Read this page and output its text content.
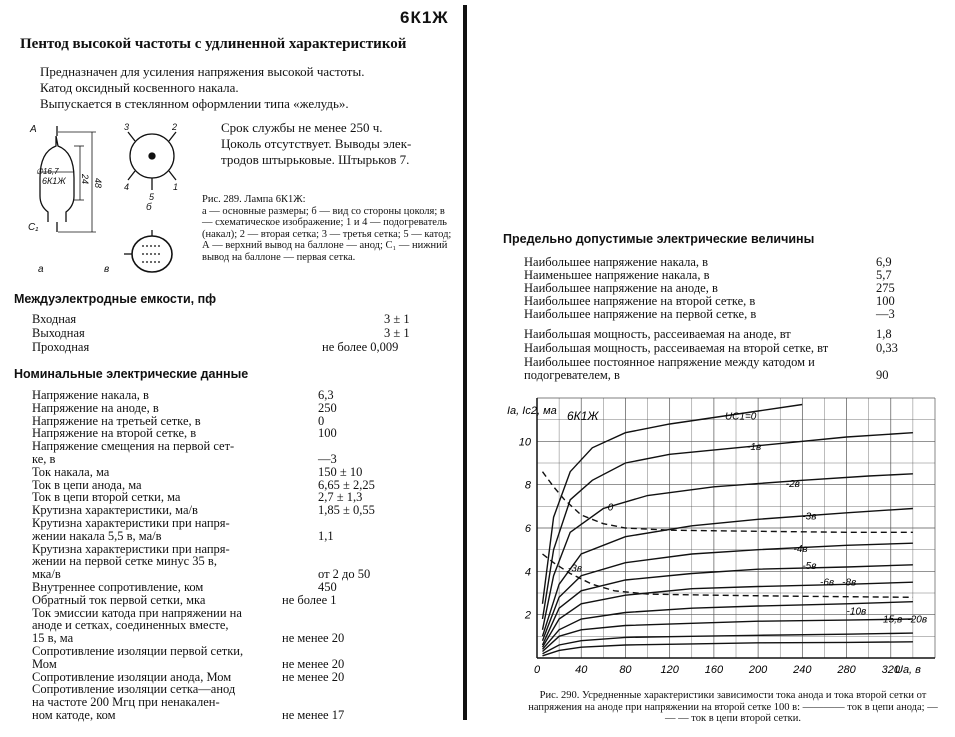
6К1Ж
Пентод высокой частоты с удлиненной характеристикой
Предназначен для усиления напряжения высокой частоты.
Катод оксидный косвенного накала.
Выпускается в стеклянном оформлении типа «желудь».
А
C₁
∅16,7
6К1Ж 24 48
а	в
б
2
3
4
5
1
Срок службы не менее 250 ч.
Цоколь отсутствует. Выводы элек-
тродов штырьковые. Штырьков 7.
Рис. 289. Лампа 6К1Ж:
а — основные размеры; б — вид со стороны цоколя; в — схематическое изображение; 1 и 4 — подогреватель (накал); 2 — вторая сетка; 3 — третья сетка; 5 — катод; А — верхний вывод на баллоне — анод; C₁ — нижний вывод на баллоне — первая сетка.
Междуэлектродные емкости, пф
Входная	3 ± 1
Выходная	3 ± 1
Проходная	не более 0,009
Номинальные электрические данные
Напряжение накала, в	6,3
Напряжение на аноде, в	250
Напряжение на третьей сетке, в	0
Напряжение на второй сетке, в	100
Напряжение смещения на первой сет-
ке, в	—3
Ток накала, ма	150 ± 10
Ток в цепи анода, ма	6,65 ± 2,25
Ток в цепи второй сетки, ма	2,7 ± 1,3
Крутизна характеристики, ма/в	1,85 ± 0,55
Крутизна характеристики при напря-
жении накала 5,5 в, ма/в	1,1
Крутизна характеристики при напря-
жении на первой сетке минус 35 в,
мка/в	от 2 до 50
Внутреннее сопротивление, ком	450
Обратный ток первой сетки, мка	не более 1
Ток эмиссии катода при напряжении на
аноде и сетках, соединенных вместе,
15 в, ма	не менее 20
Сопротивление изоляции первой сетки,
Мом	не менее 20
Сопротивление изоляции анода, Мом	не менее 20
Сопротивление изоляции сетка—анод
на частоте 200 Мгц при ненакален-
ном катоде, ком	не менее 17
Предельно допустимые электрические величины
Наибольшее напряжение накала, в	6,9
Наименьшее напряжение накала, в	5,7
Наибольшее напряжение на аноде, в	275
Наибольшее напряжение на второй сетке, в	100
Наибольшее напряжение на первой сетке, в	—3
Наибольшая мощность, рассеиваемая на аноде, вт	1,8
Наибольшая мощность, рассеиваемая на второй сетке, вт	0,33
Наибольшее постоянное напряжение между катодом и
подогревателем, в	90
0	40	80	120 160 200 240 280 320
2
4
6
8
10
Ia, Ic2, ма
Ua, в
6К1Ж	UC1=0
-1в
-2в
-3в
-4в
-5в
-6в -8в
-10в
-15,в -20в
0
-3в
Рис. 290. Усредненные характеристики зависимости тока анода и тока второй сетки от напряжения на аноде при напряжении на второй сетке 100 в: ———— ток в цепи анода; — — — ток в цепи второй сетки.
